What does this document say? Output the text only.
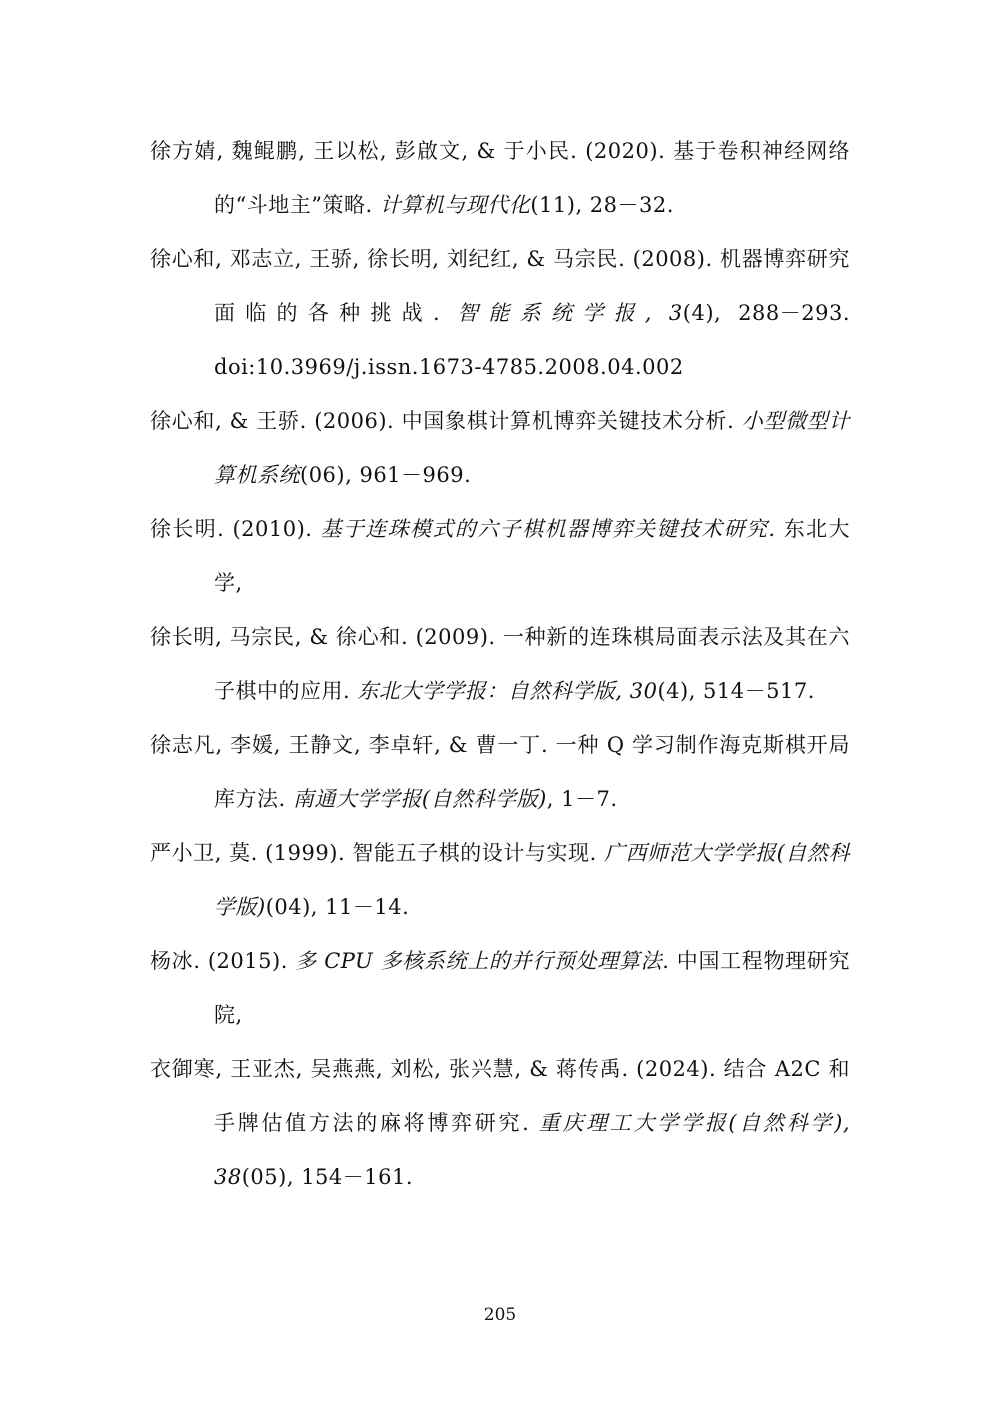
徐方婧, 魏鲲鹏, 王以松, 彭啟文, & 于小民. (2020). 基于卷积神经网络的“斗地主”策略. 计算机与现代化(11), 28－32.
徐心和, 邓志立, 王骄, 徐长明, 刘纪红, & 马宗民. (2008). 机器博弈研究面临的各种挑战. 智能系统学报, 3(4), 288－293. doi:10.3969/j.issn.1673-4785.2008.04.002
徐心和, & 王骄. (2006). 中国象棋计算机博弈关键技术分析. 小型微型计算机系统(06), 961－969.
徐长明. (2010). 基于连珠模式的六子棋机器博弈关键技术研究. 东北大学,
徐长明, 马宗民, & 徐心和. (2009). 一种新的连珠棋局面表示法及其在六子棋中的应用. 东北大学学报：自然科学版, 30(4), 514－517.
徐志凡, 李媛, 王静文, 李卓轩, & 曹一丁. 一种 Q 学习制作海克斯棋开局库方法. 南通大学学报(自然科学版), 1－7.
严小卫, 莫. (1999). 智能五子棋的设计与实现. 广西师范大学学报(自然科学版)(04), 11－14.
杨冰. (2015). 多 CPU 多核系统上的并行预处理算法. 中国工程物理研究院,
衣御寒, 王亚杰, 吴燕燕, 刘松, 张兴慧, & 蒋传禹. (2024). 结合 A2C 和手牌估值方法的麻将博弈研究. 重庆理工大学学报(自然科学), 38(05), 154－161.
205
